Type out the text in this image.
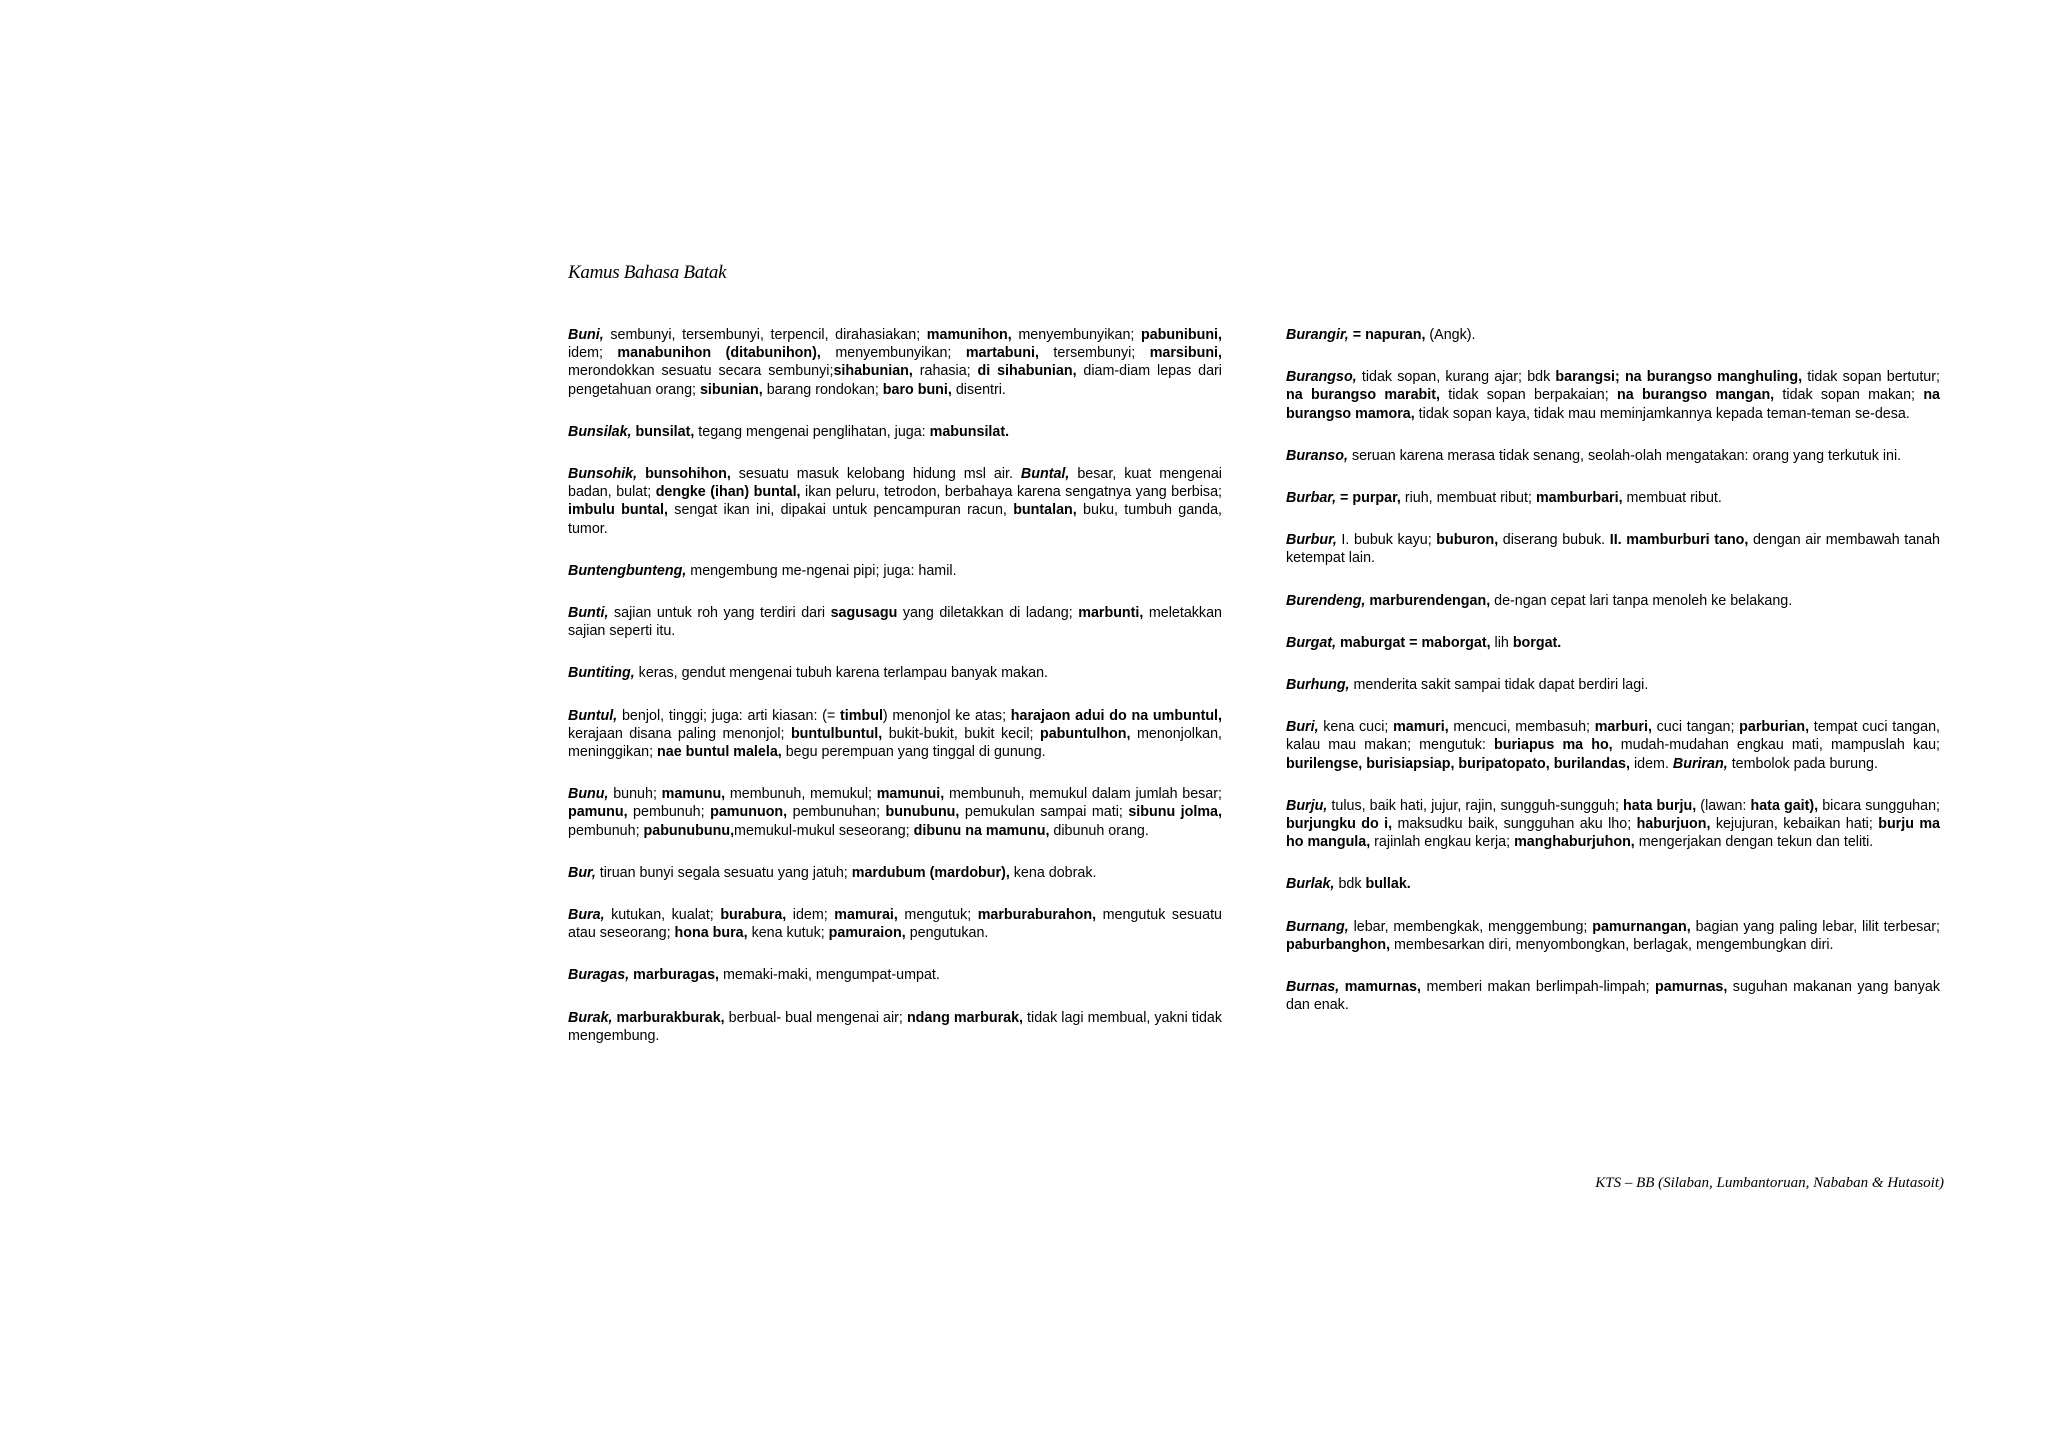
Kamus Bahasa Batak

Buni, sembunyi, tersembunyi, terpencil, dirahasiakan; mamunihon, menyembunyikan; pabunibuni, idem; manabunihon (ditabunihon), menyembunyikan; martabuni, tersembunyi; marsibuni, merondokkan sesuatu secara sembunyi;sihabunian, rahasia; di sihabunian, diam-diam lepas dari pengetahuan orang; sibunian, barang rondokan; baro buni, disentri.

Bunsilak, bunsilat, tegang mengenai penglihatan, juga: mabunsilat.

Bunsohik, bunsohihon, sesuatu masuk kelobang hidung msl air. Buntal, besar, kuat mengenai badan, bulat; dengke (ihan) buntal, ikan peluru, tetrodon, berbahaya karena sengatnya yang berbisa; imbulu buntal, sengat ikan ini, dipakai untuk pencampuran racun, buntalan, buku, tumbuh ganda, tumor.

Buntengbunteng, mengembung me-ngenai pipi; juga: hamil.

Bunti, sajian untuk roh yang terdiri dari sagusagu yang diletakkan di ladang; marbunti, meletakkan sajian seperti itu.

Buntiting, keras, gendut mengenai tubuh karena terlampau banyak makan.

Buntul, benjol, tinggi; juga: arti kiasan: (= timbul) menonjol ke atas; harajaon adui do na umbuntul, kerajaan disana paling menonjol; buntulbuntul, bukit-bukit, bukit kecil; pabuntulhon, menonjolkan, meninggikan; nae buntul malela, begu perempuan yang tinggal di gunung.

Bunu, bunuh; mamunu, membunuh, memukul; mamunui, membunuh, memukul dalam jumlah besar; pamunu, pembunuh; pamunuon, pembunuhan; bunubunu, pemukulan sampai mati; sibunu jolma, pembunuh; pabunubunu,memukul-mukul seseorang; dibunu na mamunu, dibunuh orang.

Bur, tiruan bunyi segala sesuatu yang jatuh; mardubum (mardobur), kena dobrak.

Bura, kutukan, kualat; burabura, idem; mamurai, mengutuk; marburaburahon, mengutuk sesuatu atau seseorang; hona bura, kena kutuk; pamuraion, pengutukan.

Buragas, marburagas, memaki-maki, mengumpat-umpat.

Burak, marburakburak, berbual- bual mengenai air; ndang marburak, tidak lagi membual, yakni tidak mengembung.

Burangir, = napuran, (Angk).

Burangso, tidak sopan, kurang ajar; bdk barangsi; na burangso manghuling, tidak sopan bertutur; na burangso marabit, tidak sopan berpakaian; na burangso mangan, tidak sopan makan; na burangso mamora, tidak sopan kaya, tidak mau meminjamkannya kepada teman-teman se-desa.

Buranso, seruan karena merasa tidak senang, seolah-olah mengatakan: orang yang terkutuk ini.

Burbar, = purpar, riuh, membuat ribut; mamburbari, membuat ribut.

Burbur, I. bubuk kayu; buburon, diserang bubuk. II. mamburburi tano, dengan air membawah tanah ketempat lain.

Burendeng, marburendengan, de-ngan cepat lari tanpa menoleh ke belakang.

Burgat, maburgat = maborgat, lih borgat.

Burhung, menderita sakit sampai tidak dapat berdiri lagi.

Buri, kena cuci; mamuri, mencuci, membasuh; marburi, cuci tangan; parburian, tempat cuci tangan, kalau mau makan; mengutuk: buriapus ma ho, mudah-mudahan engkau mati, mampuslah kau; burilengse, burisiapsiap, buripatopato, burilandas, idem. Buriran, tembolok pada burung.

Burju, tulus, baik hati, jujur, rajin, sungguh-sungguh; hata burju, (lawan: hata gait), bicara sungguhan; burjungku do i, maksudku baik, sungguhan aku lho; haburjuon, kejujuran, kebaikan hati; burju ma ho mangula, rajinlah engkau kerja; manghaburjuhon, mengerjakan dengan tekun dan teliti.

Burlak, bdk bullak.

Burnang, lebar, membengkak, menggembung; pamurnangan, bagian yang paling lebar, lilit terbesar; paburbanghon, membesarkan diri, menyombongkan, berlagak, mengembungkan diri.

Burnas, mamurnas, memberi makan berlimpah-limpah; pamurnas, suguhan makanan yang banyak dan enak.

KTS – BB (Silaban, Lumbantoruan, Nababan & Hutasoit)
